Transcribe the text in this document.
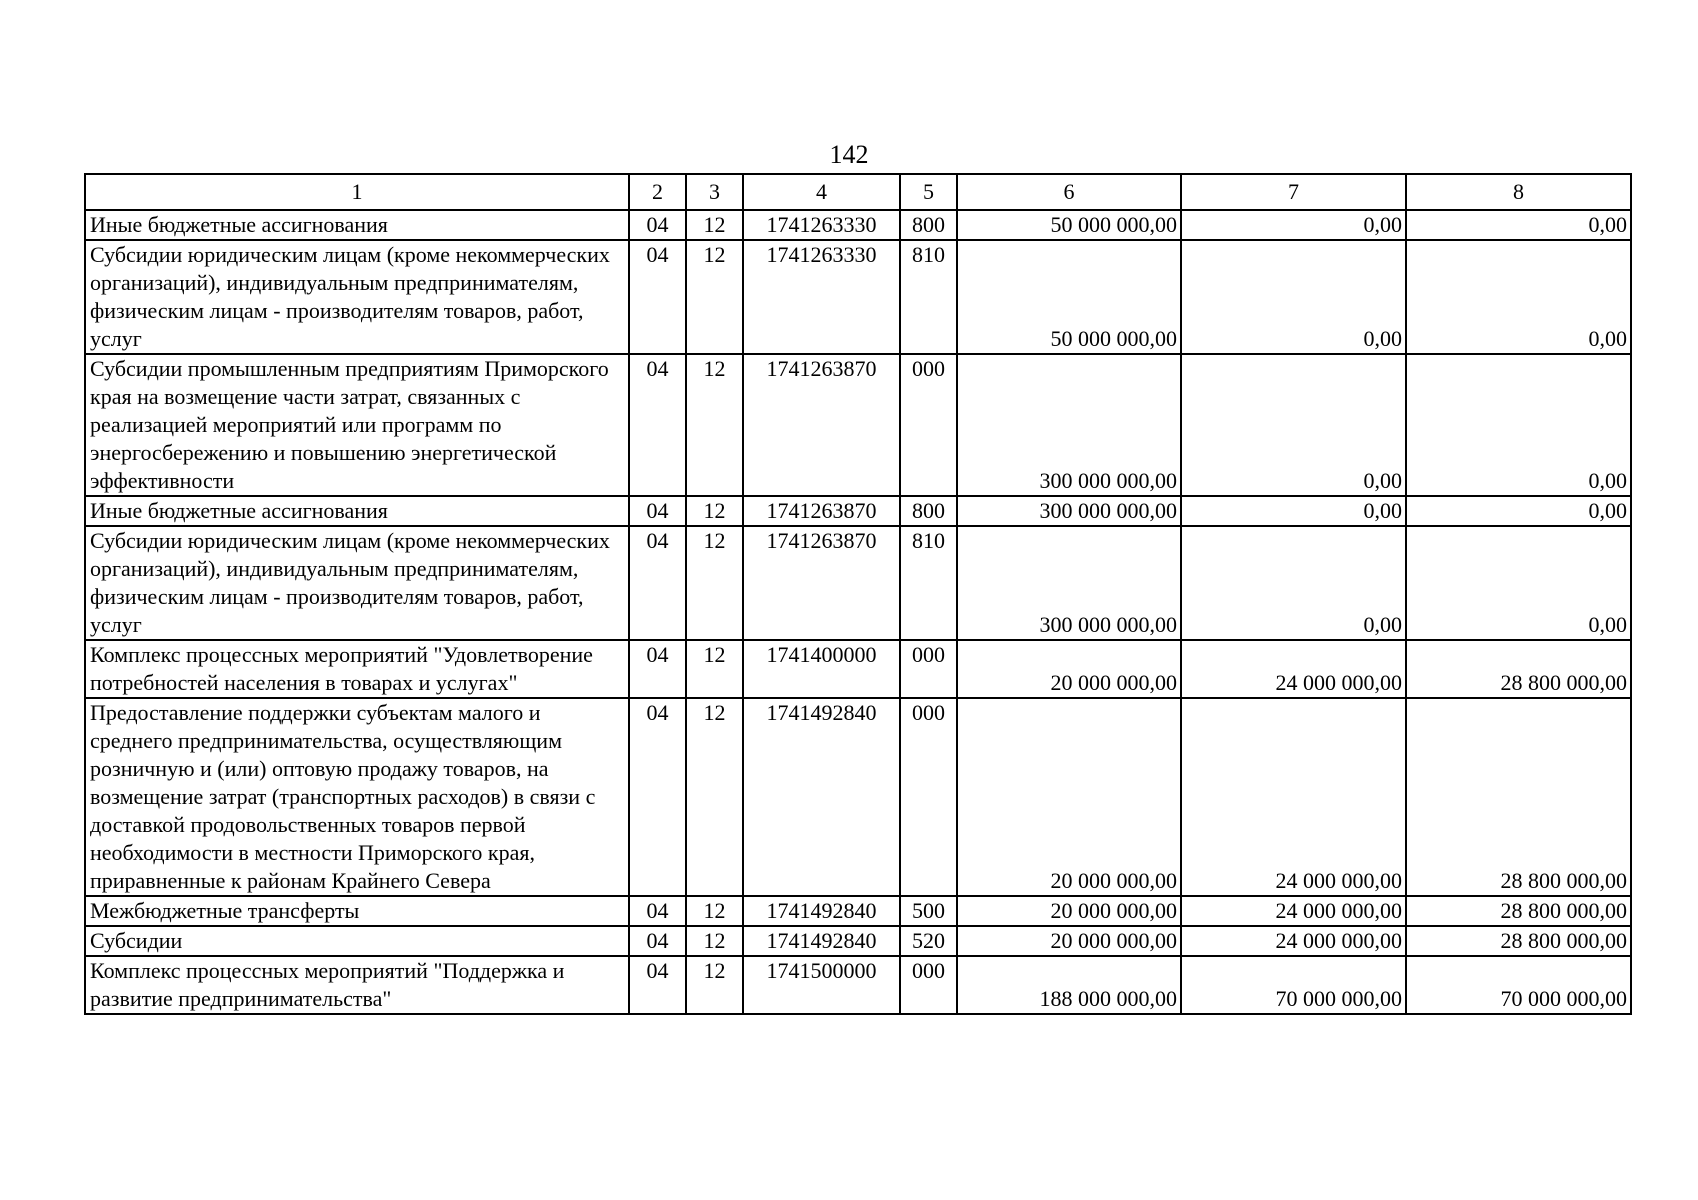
142
1	2	3	4	5	6	7	8
Иные бюджетные ассигнования	04	12	1741263330	800	50 000 000,00	0,00	0,00
Субсидии юридическим лицам (кроме некоммерческих организаций), индивидуальным предпринимателям, физическим лицам - производителям товаров, работ, услуг	04	12	1741263330	810	50 000 000,00	0,00	0,00
Субсидии промышленным предприятиям Приморского края на возмещение части затрат, связанных с реализацией мероприятий или программ по энергосбережению и повышению энергетической эффективности	04	12	1741263870	000	300 000 000,00	0,00	0,00
Иные бюджетные ассигнования	04	12	1741263870	800	300 000 000,00	0,00	0,00
Субсидии юридическим лицам (кроме некоммерческих организаций), индивидуальным предпринимателям, физическим лицам - производителям товаров, работ, услуг	04	12	1741263870	810	300 000 000,00	0,00	0,00
Комплекс процессных мероприятий "Удовлетворение потребностей населения в товарах и услугах"	04	12	1741400000	000	20 000 000,00	24 000 000,00	28 800 000,00
Предоставление поддержки субъектам малого и среднего предпринимательства, осуществляющим розничную и (или) оптовую продажу товаров, на возмещение затрат (транспортных расходов) в связи с доставкой продовольственных товаров первой необходимости в местности Приморского края, приравненные к районам Крайнего Севера	04	12	1741492840	000	20 000 000,00	24 000 000,00	28 800 000,00
Межбюджетные трансферты	04	12	1741492840	500	20 000 000,00	24 000 000,00	28 800 000,00
Субсидии	04	12	1741492840	520	20 000 000,00	24 000 000,00	28 800 000,00
Комплекс процессных мероприятий "Поддержка и развитие предпринимательства"	04	12	1741500000	000	188 000 000,00	70 000 000,00	70 000 000,00
